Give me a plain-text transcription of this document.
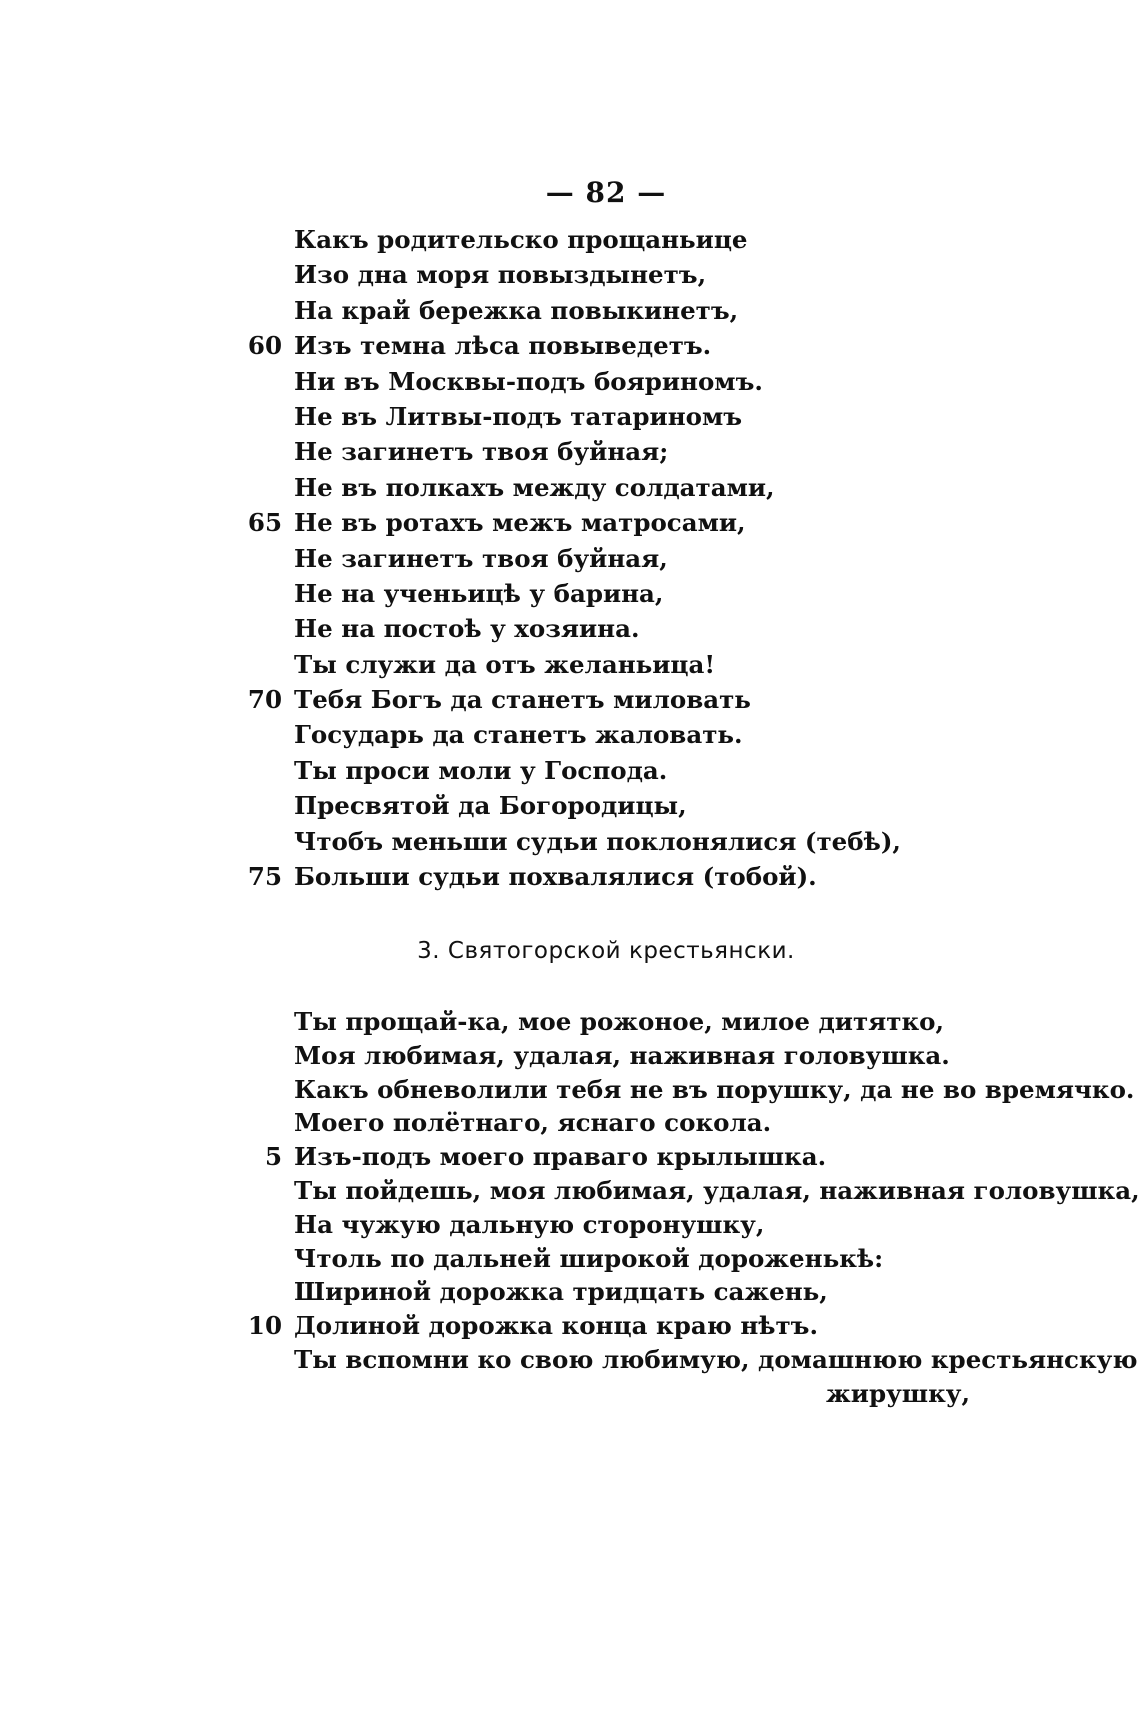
— 82 —
Какъ родительско прощаньице
Изо дна моря повыздынетъ,
На край бережка повыкинетъ,
60 Изъ темна лѣса повыведетъ.
Ни въ Москвы-подъ бояриномъ.
Не въ Литвы-подъ татариномъ
Не загинетъ твоя буйная;
Не въ полкахъ между солдатами,
65 Не въ ротахъ межъ матросами,
Не загинетъ твоя буйная,
Не на ученьицѣ у барина,
Не на постоѣ у хозяина.
Ты служи да отъ желаньица!
70 Тебя Богъ да станетъ миловать
Государь да станетъ жаловать.
Ты проси моли у Господа.
Пресвятой да Богородицы,
Чтобъ меньши судьи поклонялися (тебѣ),
75 Больши судьи похвалялися (тобой).
3. Святогорской крестьянски.
Ты прощай-ка, мое рожоное, милое дитятко,
Моя любимая, удалая, наживная головушка.
Какъ обневолили тебя не въ порушку, да не во времячко.
Моего полётнаго, яснаго сокола.
5 Изъ-подъ моего праваго крылышка.
Ты пойдешь, моя любимая, удалая, наживная головушка,
На чужую дальную сторонушку,
Чтоль по дальней широкой дороженькѣ:
Шириной дорожка тридцать сажень,
10 Долиной дорожка конца краю нѣтъ.
Ты вспомни ко свою любимую, домашнюю крестьянскую
жирушку,
